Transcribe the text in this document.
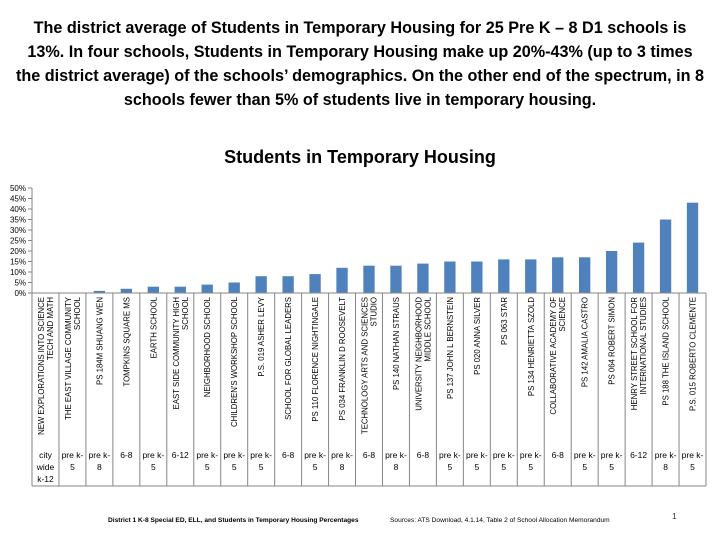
The district average of Students in Temporary Housing for 25 Pre K – 8 D1 schools is 13%. In four schools, Students in Temporary Housing make up 20%-43% (up to 3 times the district average) of the schools’ demographics. On the other end of the spectrum, in 8 schools fewer than 5% of students live in temporary housing.
Students in Temporary Housing
0%
5%
10%
15%
20%
25%
30%
35%
40%
45%
50%
NEW EXPLORATIONS INTO SCIENCETECH AND MATH THE EAST VILLAGE COMMUNITYSCHOOL PS 184M SHUANG WEN TOMPKINS SQUARE MS EARTH SCHOOL EAST SIDE COMMUNITY HIGHSCHOOL NEIGHBORHOOD SCHOOL CHILDREN'S WORKSHOP SCHOOL P.S. 019 ASHER LEVY SCHOOL FOR GLOBAL LEADERS PS 110 FLORENCE NIGHTINGALE PS 034 FRANKLIN D ROOSEVELT TECHNOLOGY ARTS AND SCIENCESSTUDIO PS 140 NATHAN STRAUS UNIVERSITY NEIGHBORHOODMIDDLE SCHOOL PS 137 JOHN L BERNSTEIN PS 020 ANNA SILVER PS 063 STAR PS 134 HENRIETTA SZOLD COLLABORATIVE ACADEMY OFSCIENCE PS 142 AMALIA CASTRO PS 064 ROBERT SIMON HENRY STREET SCHOOL FORINTERNATIONAL STUDIES PS 188 THE ISLAND SCHOOL P.S. 015 ROBERTO CLEMENTE
city wide k-12
pre k-5
pre k-8
6-8 pre k-5
6-12 pre k-5
pre k-5
pre k-5
6-8 pre k-5
pre k-8
6-8 pre k-8
6-8 pre k-5
pre k-5
pre k-5
pre k-5
6-8 pre k-5
pre k-5
6-12 pre k-8
pre k-5
District 1 K-8 Special ED, ELL, and Students in Temporary Housing Percentages	Sources: ATS Download, 4.1.14, Table 2 of School Allocation Memorandum	1
